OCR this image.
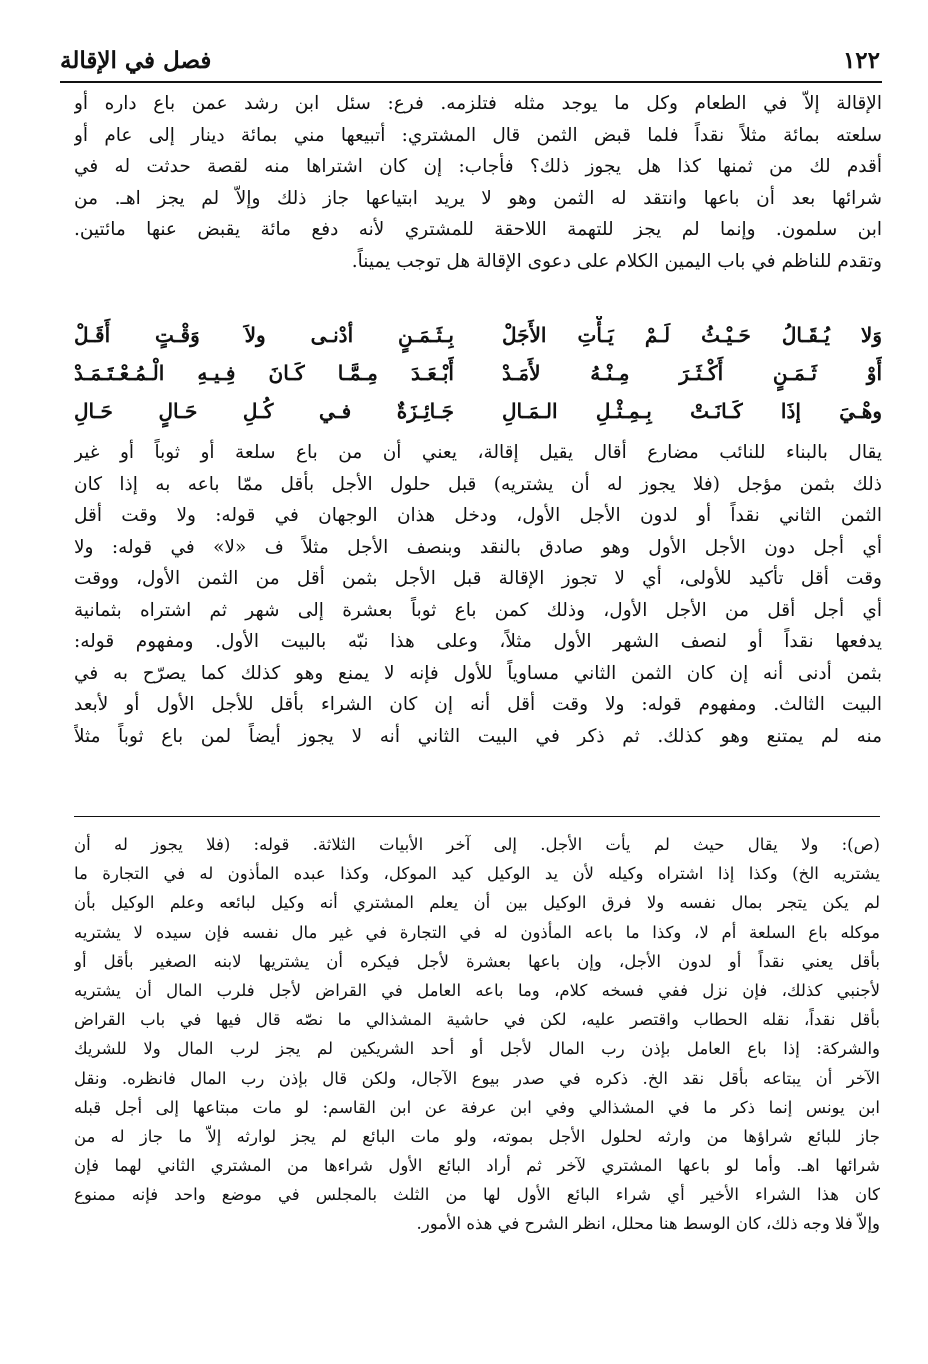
١٢٢
فصل في الإقالة
الإقالة إلاّ في الطعام وكل ما يوجد مثله فتلزمه. فرع: سئل ابن رشد عمن باع داره أو
سلعته بمائة مثلاً نقداً فلما قبض الثمن قال المشتري: أتبيعها مني بمائة دينار إلى عام أو
أقدم لك من ثمنها كذا هل يجوز ذلك؟ فأجاب: إن كان اشتراها منه لقصة حدثت له في
شرائها بعد أن باعها وانتقد له الثمن وهو لا يريد ابتياعها جاز ذلك وإلاّ لم يجز اهـ. من
ابن سلمون. وإنما لم يجز للتهمة اللاحقة للمشتري لأنه دفع مائة يقبض عنها مائتين.
وتقدم للناظم في باب اليمين الكلام على دعوى الإقالة هل توجب يميناً.
وَلا يُـقَـالُ حَـيْـثُ لَـمْ يَـأْتِ الأَجَلْ
بِـثَـمَـنٍ أدْنـى ولاَ وَقْـتٍ أَقَـلْ
أَوْ ثَـمَـنٍ أَكْـثَـرَ مِـنْـهُ لأَمَـدْ
أَبْـعَـدَ مِـمَّـا كَـانَ فِـيـهِ الْـمُـعْـتَـمَـدْ
وهْـيَ إذَا كَـانَـتْ بِـمِـثْـلِ الـمَـالِ
جَـائِـزَةٌ فـي كُـلِ حَـالٍ حَـالِ
يقال بالبناء للنائب مضارع أقال يقيل إقالة، يعني أن من باع سلعة أو ثوباً أو غير
ذلك بثمن مؤجل (فلا يجوز له أن يشتريه) قبل حلول الأجل بأقل ممّا باعه به إذا كان
الثمن الثاني نقداً أو لدون الأجل الأول، ودخل هذان الوجهان في قوله: ولا وقت أقل
أي أجل دون الأجل الأول وهو صادق بالنقد وبنصف الأجل مثلاً ف «لا» في قوله: ولا
وقت أقل تأكيد للأولى، أي لا تجوز الإقالة قبل الأجل بثمن أقل من الثمن الأول، ووقت
أي أجل أقل من الأجل الأول، وذلك كمن باع ثوباً بعشرة إلى شهر ثم اشتراه بثمانية
يدفعها نقداً أو لنصف الشهر الأول مثلاً، وعلى هذا نبّه بالبيت الأول. ومفهوم قوله:
بثمن أدنى أنه إن كان الثمن الثاني مساوياً للأول فإنه لا يمنع وهو كذلك كما يصرّح به في
البيت الثالث. ومفهوم قوله: ولا وقت أقل أنه إن كان الشراء بأقل للأجل الأول أو لأبعد
منه لم يمتنع وهو كذلك. ثم ذكر في البيت الثاني أنه لا يجوز أيضاً لمن باع ثوباً مثلاً
(ص): ولا يقال حيث لم يأت الأجل. إلى آخر الأبيات الثلاثة. قوله: (فلا يجوز له أن
يشتريه الخ) وكذا إذا اشتراه وكيله لأن يد الوكيل كيد الموكل، وكذا عبده المأذون له في التجارة ما
لم يكن يتجر بمال نفسه ولا فرق الوكيل بين أن يعلم المشتري أنه وكيل لبائعه وعلم الوكيل بأن
موكله باع السلعة أم لا، وكذا ما باعه المأذون له في التجارة في غير مال نفسه فإن سيده لا يشتريه
بأقل يعني نقداً أو لدون الأجل، وإن باعها بعشرة لأجل فيكره أن يشتريها لابنه الصغير بأقل أو
لأجنبي كذلك، فإن نزل ففي فسخه كلام، وما باعه العامل في القراض لأجل فلرب المال أن يشتريه
بأقل نقداً، نقله الحطاب واقتصر عليه، لكن في حاشية المشذالي ما نصّه قال فيها في باب القراض
والشركة: إذا باع العامل بإذن رب المال لأجل أو أحد الشريكين لم يجز لرب المال ولا للشريك
الآخر أن يبتاعه بأقل نقد الخ. ذكره في صدر بيوع الآجال، ولكن قال بإذن رب المال فانظره. ونقل
ابن يونس إنما ذكر ما في المشذالي وفي ابن عرفة عن ابن القاسم: لو مات مبتاعها إلى أجل قبله
جاز للبائع شراؤها من وارثه لحلول الأجل بموته، ولو مات البائع لم يجز لوارثه إلاّ ما جاز له من
شرائها اهـ. وأما لو باعها المشتري لآخر ثم أراد البائع الأول شراءها من المشتري الثاني لهما فإن
كان هذا الشراء الأخير أي شراء البائع الأول لها من الثلث بالمجلس في موضع واحد فإنه ممنوع
وإلاّ فلا وجه ذلك، كان الوسط هنا محلل، انظر الشرح في هذه الأمور.
